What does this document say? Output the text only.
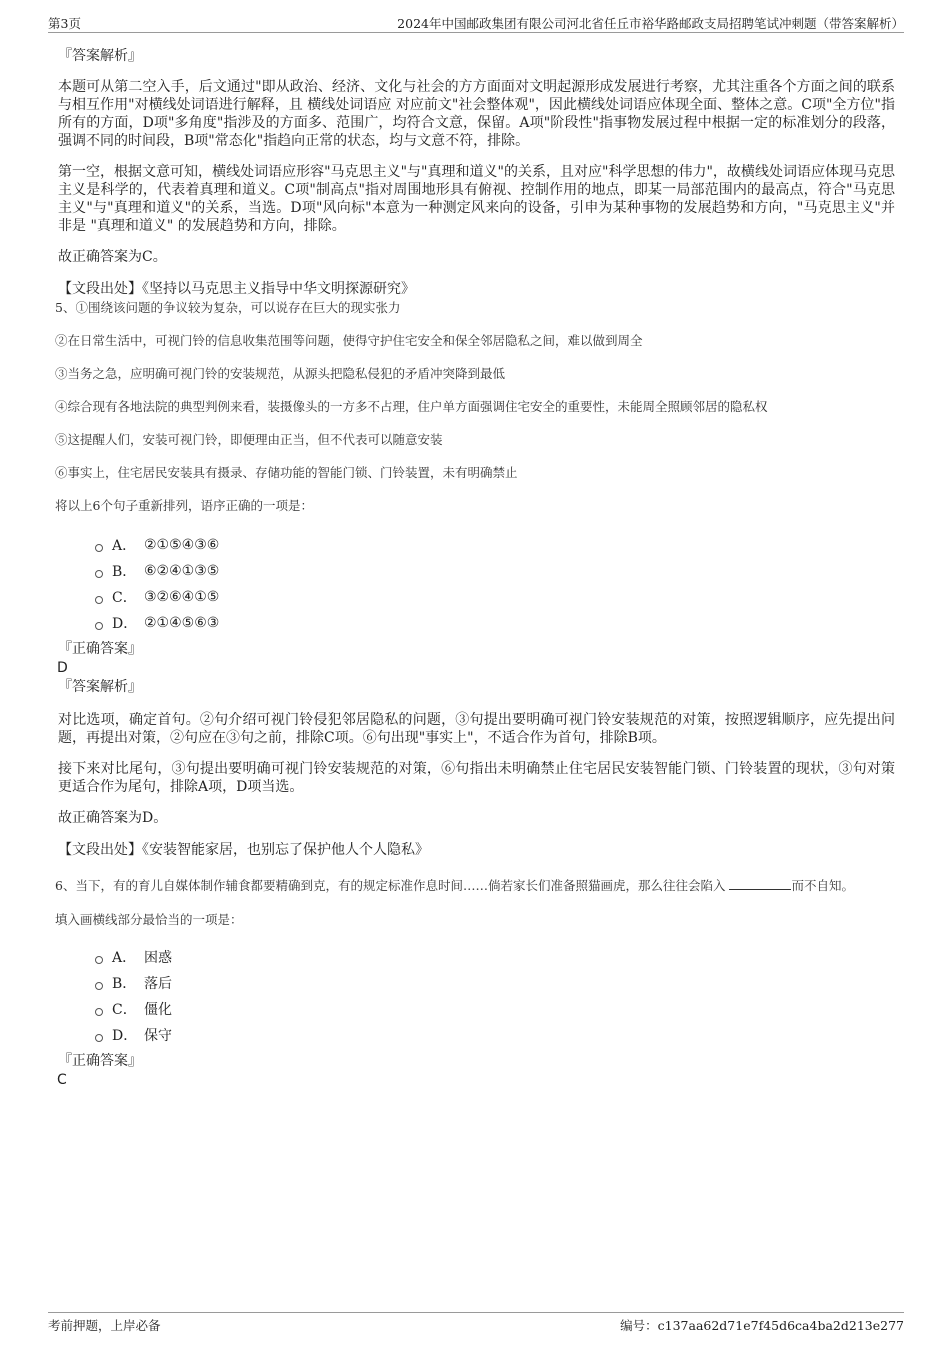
第3页	2024年中国邮政集团有限公司河北省任丘市裕华路邮政支局招聘笔试冲刺题（带答案解析）
『答案解析』

本题可从第二空入手，后文通过"即从政治、经济、文化与社会的方方面面对文明起源形成发展进行考察，尤其注重各个方面之间的联系与相互作用"对横线处词语进行解释，且 横线处词语应 对应前文"社会整体观"，因此横线处词语应体现全面、整体之意。C项"全方位"指所有的方面，D项"多角度"指涉及的方面多、范围广，均符合文意，保留。A项"阶段性"指事物发展过程中根据一定的标准划分的段落，强调不同的时间段，B项"常态化"指趋向正常的状态，均与文意不符，排除。

第一空，根据文意可知，横线处词语应形容"马克思主义"与"真理和道义"的关系，且对应"科学思想的伟力"，故横线处词语应体现马克思主义是科学的，代表着真理和道义。C项"制高点"指对周围地形具有俯视、控制作用的地点，即某一局部范围内的最高点，符合"马克思主义"与"真理和道义"的关系，当选。D项"风向标"本意为一种测定风来向的设备，引申为某种事物的发展趋势和方向，"马克思主义"并非是 "真理和道义" 的发展趋势和方向，排除。

故正确答案为C。

【文段出处】《坚持以马克思主义指导中华文明探源研究》

5、①围绕该问题的争议较为复杂，可以说存在巨大的现实张力

②在日常生活中，可视门铃的信息收集范围等问题，使得守护住宅安全和保全邻居隐私之间，难以做到周全

③当务之急，应明确可视门铃的安装规范，从源头把隐私侵犯的矛盾冲突降到最低

④综合现有各地法院的典型判例来看，装摄像头的一方多不占理，住户单方面强调住宅安全的重要性，未能周全照顾邻居的隐私权

⑤这提醒人们，安装可视门铃，即便理由正当，但不代表可以随意安装

⑥事实上，住宅居民安装具有摄录、存储功能的智能门锁、门铃装置，未有明确禁止

将以上6个句子重新排列，语序正确的一项是：

A． ②①⑤④③⑥
B． ⑥②④①③⑤
C． ③②⑥④①⑤
D． ②①④⑤⑥③
『正确答案』
D
『答案解析』

对比选项，确定首句。②句介绍可视门铃侵犯邻居隐私的问题，③句提出要明确可视门铃安装规范的对策，按照逻辑顺序，应先提出问题，再提出对策，②句应在③句之前，排除C项。⑥句出现"事实上"，不适合作为首句，排除B项。

接下来对比尾句，③句提出要明确可视门铃安装规范的对策，⑥句指出未明确禁止住宅居民安装智能门锁、门铃装置的现状，③句对策更适合作为尾句，排除A项，D项当选。

故正确答案为D。

【文段出处】《安装智能家居，也别忘了保护他人个人隐私》

6、当下，有的育儿自媒体制作辅食都要精确到克，有的规定标准作息时间……倘若家长们准备照猫画虎，那么往往会陷入	而不自知。

填入画横线部分最恰当的一项是：

A． 困惑
B． 落后
C． 僵化
D． 保守
『正确答案』
C
考前押题，上岸必备	编号：c137aa62d71e7f45d6ca4ba2d213e277
